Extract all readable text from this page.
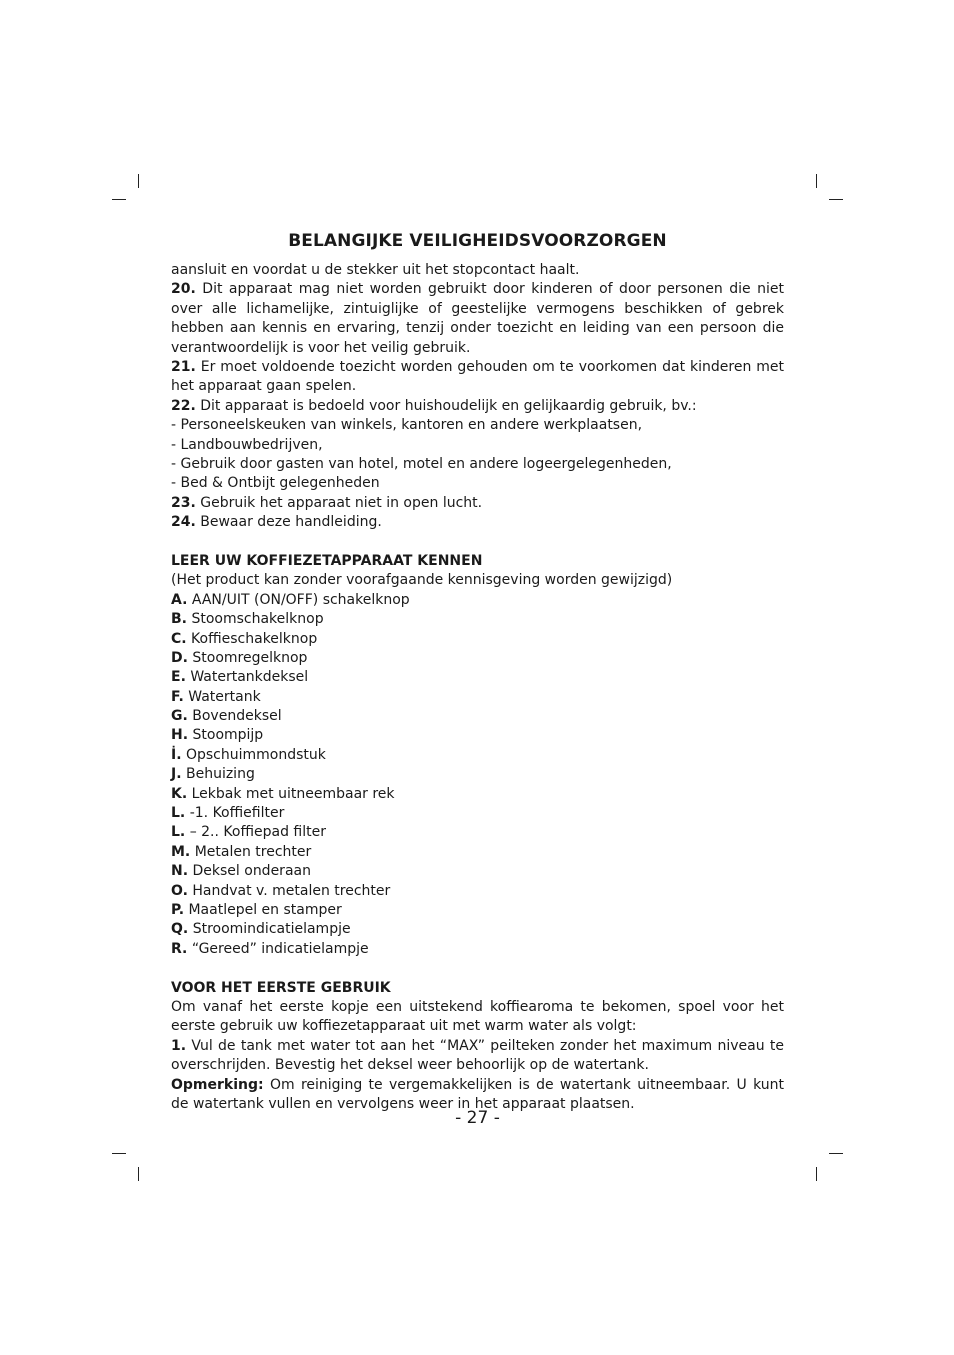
BELANGIJKE VEILIGHEIDSVOORZORGEN
aansluit en voordat u de stekker uit het stopcontact haalt.
20. Dit apparaat mag niet worden gebruikt door kinderen of door personen die niet over alle lichamelijke, zintuiglijke of geestelijke vermogens beschikken of gebrek hebben aan kennis en ervaring, tenzij onder toezicht en leiding van een persoon die verantwoordelijk is voor het veilig gebruik.
21. Er moet voldoende toezicht worden gehouden om te voorkomen dat kinderen met het apparaat gaan spelen.
22. Dit apparaat is bedoeld voor huishoudelijk en gelijkaardig gebruik, bv.:
- Personeelskeuken van winkels, kantoren en andere werkplaatsen,
- Landbouwbedrijven,
- Gebruik door gasten van hotel, motel en andere logeergelegenheden,
- Bed & Ontbijt gelegenheden
23. Gebruik het apparaat niet in open lucht.
24. Bewaar deze handleiding.
LEER UW KOFFIEZETAPPARAAT KENNEN
(Het product kan zonder voorafgaande kennisgeving worden gewijzigd)
A. AAN/UIT (ON/OFF) schakelknop
B. Stoomschakelknop
C. Koffieschakelknop
D. Stoomregelknop
E. Watertankdeksel
F. Watertank
G. Bovendeksel
H. Stoompijp
İ. Opschuimmondstuk
J. Behuizing
K. Lekbak met uitneembaar rek
L. -1. Koffiefilter
L. – 2.. Koffiepad filter
M. Metalen trechter
N. Deksel onderaan
O. Handvat v. metalen trechter
P. Maatlepel en stamper
Q. Stroomindicatielampje
R. “Gereed” indicatielampje
VOOR HET EERSTE GEBRUIK
Om vanaf het eerste kopje een uitstekend koffiearoma te bekomen, spoel voor het eerste gebruik uw koffiezetapparaat uit met warm water als volgt:
1. Vul de tank met water tot aan het “MAX” peilteken zonder het maximum niveau te overschrijden. Bevestig het deksel weer behoorlijk op de watertank.
Opmerking: Om reiniging te vergemakkelijken is de watertank uitneembaar. U kunt de watertank vullen en vervolgens weer in het apparaat plaatsen.
- 27 -
